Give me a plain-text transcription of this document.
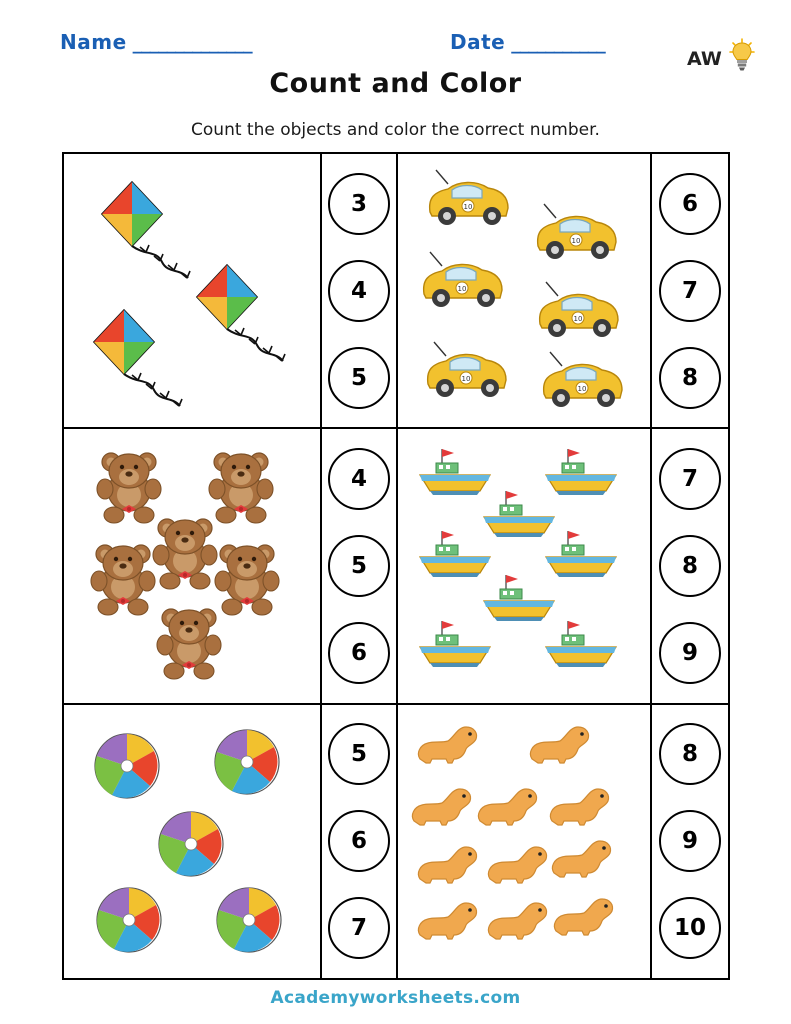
Name ______________	Date ___________
AW
Count and Color
Count the objects and color the correct number.
3
4
5
10
10
10
10
10
10
6
7
8
4
5
6
7
8
9
5
6
7
8
9
10
Academyworksheets.com
